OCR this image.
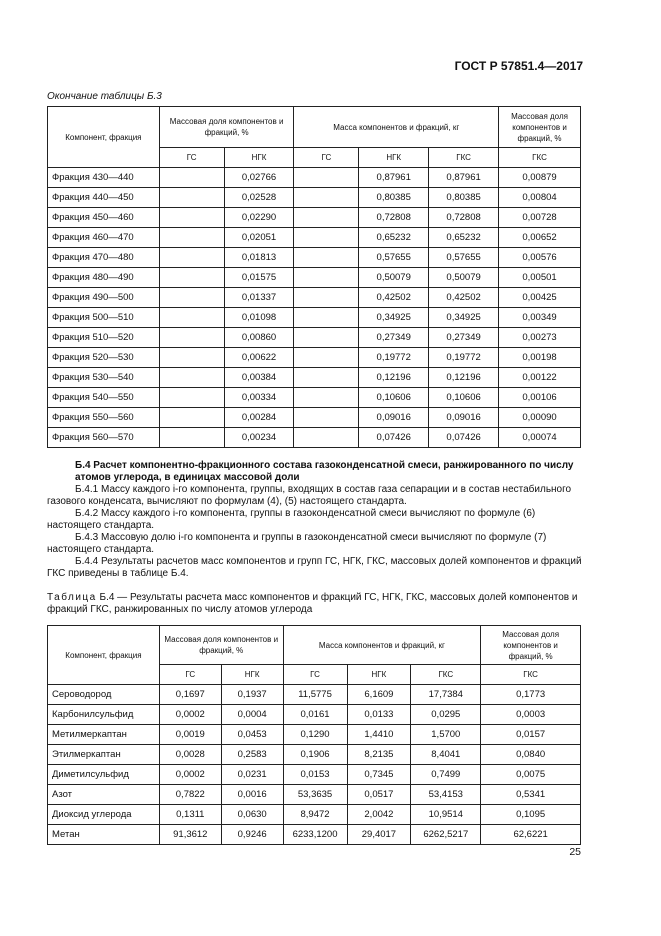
ГОСТ Р 57851.4—2017
Окончание таблицы Б.3
Компонент, фракция	Массовая доля компонентов и фракций, %		Масса компонентов и фракций, кг			Массовая доля компонентов и фракций, %
	ГС	НГК	ГС	НГК	ГКС	ГКС
Фракция 430—440		0,02766		0,87961	0,87961	0,00879
Фракция 440—450		0,02528		0,80385	0,80385	0,00804
Фракция 450—460		0,02290		0,72808	0,72808	0,00728
Фракция 460—470		0,02051		0,65232	0,65232	0,00652
Фракция 470—480		0,01813		0,57655	0,57655	0,00576
Фракция 480—490		0,01575		0,50079	0,50079	0,00501
Фракция 490—500		0,01337		0,42502	0,42502	0,00425
Фракция 500—510		0,01098		0,34925	0,34925	0,00349
Фракция 510—520		0,00860		0,27349	0,27349	0,00273
Фракция 520—530		0,00622		0,19772	0,19772	0,00198
Фракция 530—540		0,00384		0,12196	0,12196	0,00122
Фракция 540—550		0,00334		0,10606	0,10606	0,00106
Фракция 550—560		0,00284		0,09016	0,09016	0,00090
Фракция 560—570		0,00234		0,07426	0,07426	0,00074
Б.4 Расчет компонентно-фракционного состава газоконденсатной смеси, ранжированного по числу атомов углерода, в единицах массовой доли

Б.4.1 Массу каждого i-го компонента, группы, входящих в состав газа сепарации и в состав нестабильного газового конденсата, вычисляют по формулам (4), (5) настоящего стандарта.

Б.4.2 Массу каждого i-го компонента, группы в газоконденсатной смеси вычисляют по формуле (6) настоящего стандарта.

Б.4.3 Массовую долю i-го компонента и группы в газоконденсатной смеси вычисляют по формуле (7) настоящего стандарта.

Б.4.4 Результаты расчетов масс компонентов и групп ГС, НГК, ГКС, массовых долей компонентов и фракций ГКС приведены в таблице Б.4.

Таблица Б.4 — Результаты расчета масс компонентов и фракций ГС, НГК, ГКС, массовых долей компонентов и фракций ГКС, ранжированных по числу атомов углерода
Компонент, фракция	Массовая доля компонентов и фракций, %		Масса компонентов и фракций, кг			Массовая доля компонентов и фракций, %
	ГС	НГК	ГС	НГК	ГКС	ГКС
Сероводород	0,1697	0,1937	11,5775	6,1609	17,7384	0,1773
Карбонилсульфид	0,0002	0,0004	0,0161	0,0133	0,0295	0,0003
Метилмеркаптан	0,0019	0,0453	0,1290	1,4410	1,5700	0,0157
Этилмеркаптан	0,0028	0,2583	0,1906	8,2135	8,4041	0,0840
Диметилсульфид	0,0002	0,0231	0,0153	0,7345	0,7499	0,0075
Азот	0,7822	0,0016	53,3635	0,0517	53,4153	0,5341
Диоксид углерода	0,1311	0,0630	8,9472	2,0042	10,9514	0,1095
Метан	91,3612	0,9246	6233,1200	29,4017	6262,5217	62,6221
25
